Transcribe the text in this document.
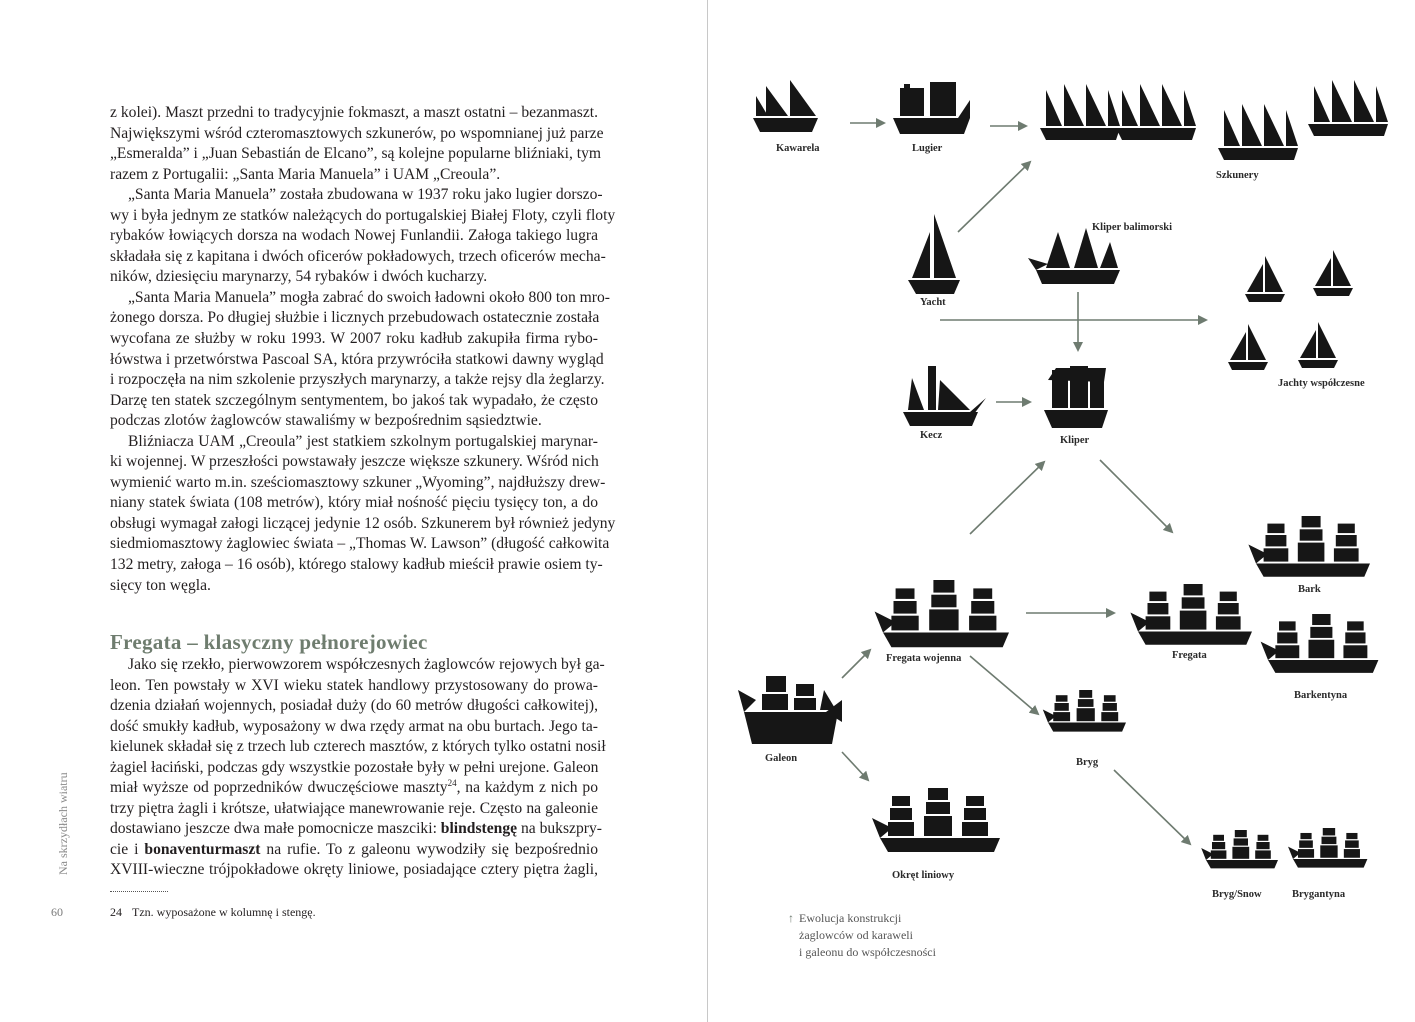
z kolei). Maszt przedni to tradycyjnie fokmaszt, a maszt ostatni – bezanmaszt.

Największymi wśród czteromasztowych szkunerów, po wspomnianej już parze

„Esmeralda” i „Juan Sebastián de Elcano”, są kolejne popularne bliźniaki, tym

razem z Portugalii: „Santa Maria Manuela” i UAM „Creoula”.

„Santa Maria Manuela” została zbudowana w 1937 roku jako lugier dorszo-

wy i była jednym ze statków należących do portugalskiej Białej Floty, czyli floty

rybaków łowiących dorsza na wodach Nowej Funlandii. Załoga takiego lugra

składała się z kapitana i dwóch oficerów pokładowych, trzech oficerów mecha-

ników, dziesięciu marynarzy, 54 rybaków i dwóch kucharzy.

„Santa Maria Manuela” mogła zabrać do swoich ładowni około 800 ton mro-

żonego dorsza. Po długiej służbie i licznych przebudowach ostatecznie została

wycofana ze służby w roku 1993. W 2007 roku kadłub zakupiła firma rybo-

łówstwa i przetwórstwa Pascoal SA, która przywróciła statkowi dawny wygląd

i rozpoczęła na nim szkolenie przyszłych marynarzy, a także rejsy dla żeglarzy.

Darzę ten statek szczególnym sentymentem, bo jakoś tak wypadało, że często

podczas zlotów żaglowców stawaliśmy w bezpośrednim sąsiedztwie.

Bliźniacza UAM „Creoula” jest statkiem szkolnym portugalskiej marynar-

ki wojennej. W przeszłości powstawały jeszcze większe szkunery. Wśród nich

wymienić warto m.in. sześciomasztowy szkuner „Wyoming”, najdłuższy drew-

niany statek świata (108 metrów), który miał nośność pięciu tysięcy ton, a do

obsługi wymagał załogi liczącej jedynie 12 osób. Szkunerem był również jedyny

siedmiomasztowy żaglowiec świata – „Thomas W. Lawson” (długość całkowita

132 metry, załoga – 16 osób), którego stalowy kadłub mieścił prawie osiem ty-

sięcy ton węgla.

Fregata – klasyczny pełnorejowiec

Jako się rzekło, pierwowzorem współczesnych żaglowców rejowych był ga-

leon. Ten powstały w XVI wieku statek handlowy przystosowany do prowa-

dzenia działań wojennych, posiadał duży (do 60 metrów długości całkowitej),

dość smukły kadłub, wyposażony w dwa rzędy armat na obu burtach. Jego ta-

kielunek składał się z trzech lub czterech masztów, z których tylko ostatni nosił

żagiel łaciński, podczas gdy wszystkie pozostałe były w pełni urejone. Galeon

miał wyższe od poprzedników dwuczęściowe maszty$^{24}$, na każdym z nich po

trzy piętra żagli i krótsze, ułatwiające manewrowanie reje. Często na galeonie

dostawiano jeszcze dwa małe pomocnicze maszciki: blindstengę na bukszpry-

cie i bonaventurmaszt na rufie. To z galeonu wywodziły się bezpośrednio

XVIII-wieczne trójpokładowe okręty liniowe, posiadające cztery piętra żagli,

24 Tzn. wyposażone w kolumnę i stengę.
60
Na skrzydłach wiatru
Kawarela	Lugier
Szkunery
Kliper balimorski
Yacht
Jachty współczesne
Kecz	Kliper
Bark
Fregata wojenna	Fregata
Barkentyna
Galeon	Bryg
Okręt liniowy
Bryg/Snow	Brygantyna
↑ Ewolucja konstrukcji
żaglowców od karaweli
i galeonu do współczesności
